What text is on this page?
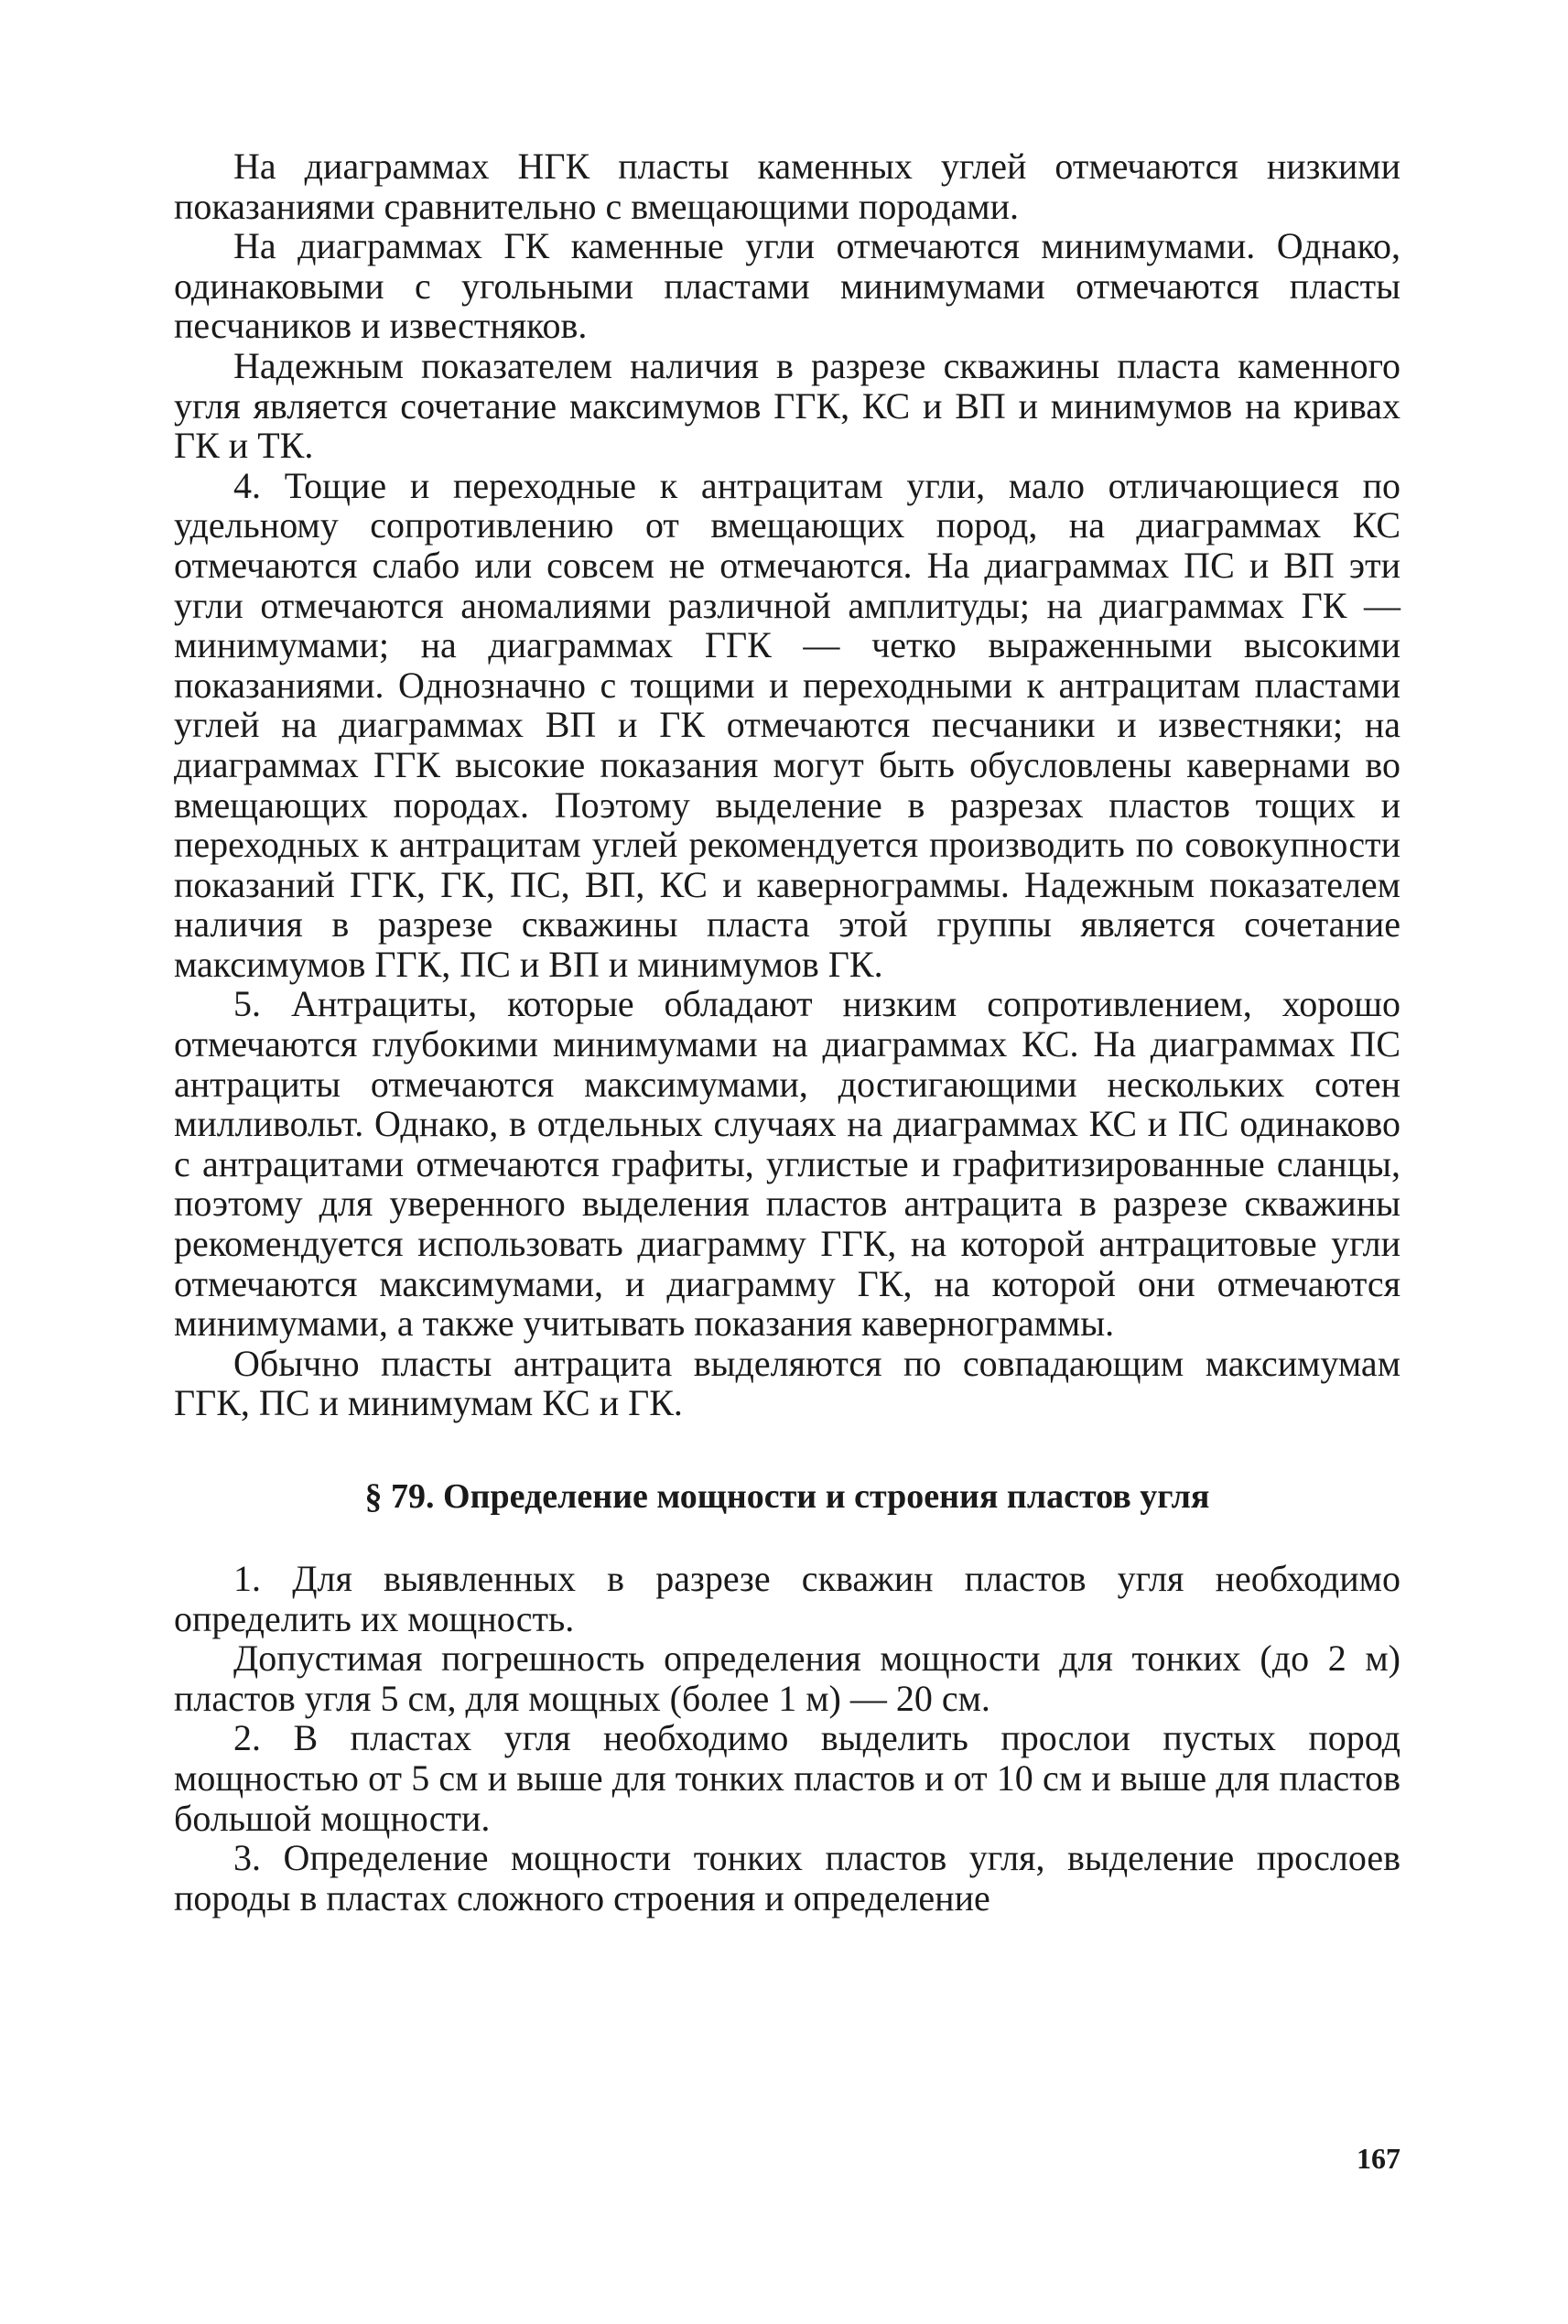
На диаграммах НГК пласты каменных углей отмечаются низкими показаниями сравнительно с вмещающими породами.

На диаграммах ГК каменные угли отмечаются минимумами. Однако, одинаковыми с угольными пластами минимумами отмечаются пласты песчаников и известняков.

Надежным показателем наличия в разрезе скважины пласта каменного угля является сочетание максимумов ГГК, КС и ВП и минимумов на кривах ГК и ТК.

4. Тощие и переходные к антрацитам угли, мало отличающиеся по удельному сопротивлению от вмещающих пород, на диаграммах КС отмечаются слабо или совсем не отмечаются. На диаграммах ПС и ВП эти угли отмечаются аномалиями различной амплитуды; на диаграммах ГК — минимумами; на диаграммах ГГК — четко выраженными высокими показаниями. Однозначно с тощими и переходными к антрацитам пластами углей на диаграммах ВП и ГК отмечаются песчаники и известняки; на диаграммах ГГК высокие показания могут быть обусловлены кавернами во вмещающих породах. Поэтому выделение в разрезах пластов тощих и переходных к антрацитам углей рекомендуется производить по совокупности показаний ГГК, ГК, ПС, ВП, КС и кавернограммы. Надежным показателем наличия в разрезе скважины пласта этой группы является сочетание максимумов ГГК, ПС и ВП и минимумов ГК.

5. Антрациты, которые обладают низким сопротивлением, хорошо отмечаются глубокими минимумами на диаграммах КС. На диаграммах ПС антрациты отмечаются максимумами, достигающими нескольких сотен милливольт. Однако, в отдельных случаях на диаграммах КС и ПС одинаково с антрацитами отмечаются графиты, углистые и графитизированные сланцы, поэтому для уверенного выделения пластов антрацита в разрезе скважины рекомендуется использовать диаграмму ГГК, на которой антрацитовые угли отмечаются максимумами, и диаграмму ГК, на которой они отмечаются минимумами, а также учитывать показания кавернограммы.

Обычно пласты антрацита выделяются по совпадающим максимумам ГГК, ПС и минимумам КС и ГК.

§ 79. Определение мощности и строения пластов угля

1. Для выявленных в разрезе скважин пластов угля необходимо определить их мощность.

Допустимая погрешность определения мощности для тонких (до 2 м) пластов угля 5 см, для мощных (более 1 м) — 20 см.

2. В пластах угля необходимо выделить прослои пустых пород мощностью от 5 см и выше для тонких пластов и от 10 см и выше для пластов большой мощности.

3. Определение мощности тонких пластов угля, выделение прослоев породы в пластах сложного строения и определение

167
